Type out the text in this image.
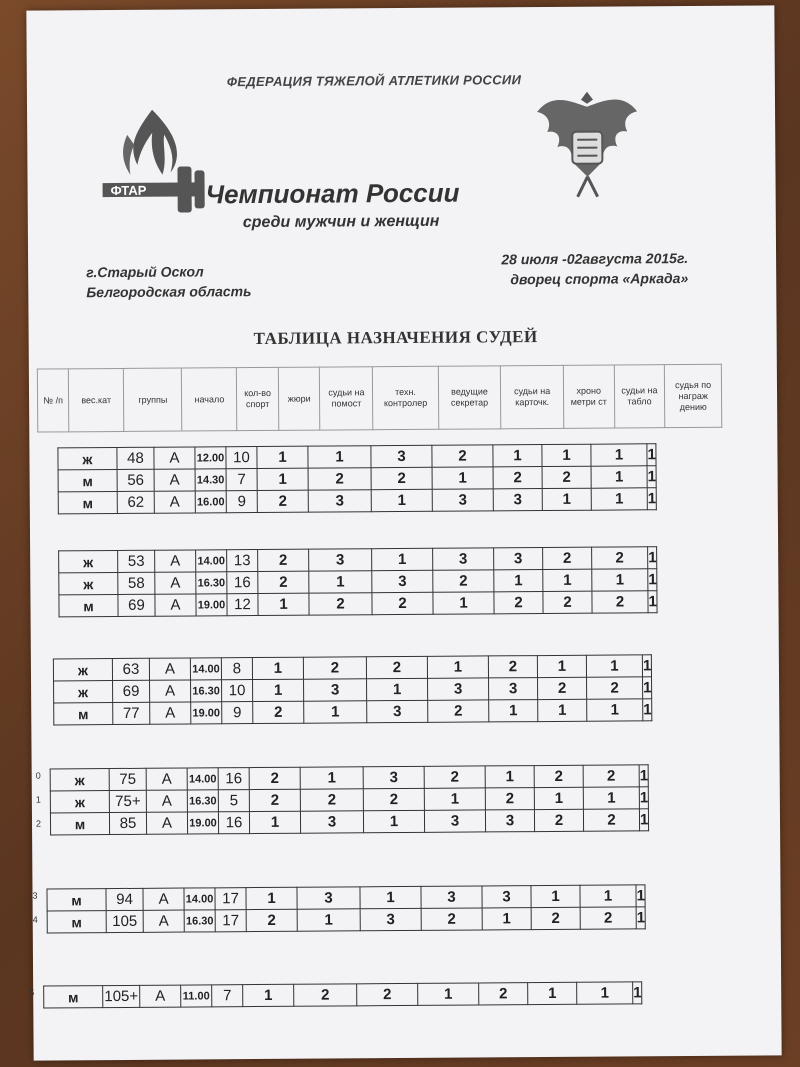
ФЕДЕРАЦИЯ ТЯЖЕЛОЙ АТЛЕТИКИ РОССИИ
ФТАР Чемпионат России
среди мужчин и женщин
г.Старый Оскол
Белгородская область
28 июля -02августа 2015г.
дворец спорта «Аркада»
ТАБЛИЦА НАЗНАЧЕНИЯ СУДЕЙ
№ /п	вес.кат	группы	начало	кол-во спорт	жюри	судьи на помост	техн. контролер	ведущие секретар	судьи на карточк.	хроно метри ст	судьи на табло	судья по награж дению
ж	48	А	12.00	10	1	1	3	2	1	1	1	1
м	56	А	14.30	7	1	2	2	1	2	2	1	1
м	62	А	16.00	9	2	3	1	3	3	1	1	1
ж	53	А	14.00	13	2	3	1	3	3	2	2	1
ж	58	А	16.30	16	2	1	3	2	1	1	1	1
м	69	А	19.00	12	1	2	2	1	2	2	2	1
ж	63	А	14.00	8	1	2	2	1	2	1	1	1
ж	69	А	16.30	10	1	3	1	3	3	2	2	1
м	77	А	19.00	9	2	1	3	2	1	1	1	1
0
1
2
ж	75	А	14.00	16	2	1	3	2	1	2	2	1
ж	75+	А	16.30	5	2	2	2	1	2	1	1	1
м	85	А	19.00	16	1	3	1	3	3	2	2	1
3
4
м	94	А	14.00	17	1	3	1	3	3	1	1	1
м	105	А	16.30	17	2	1	3	2	1	2	2	1
5 м	105+	А	11.00	7	1	2	2	1	2	1	1	1
